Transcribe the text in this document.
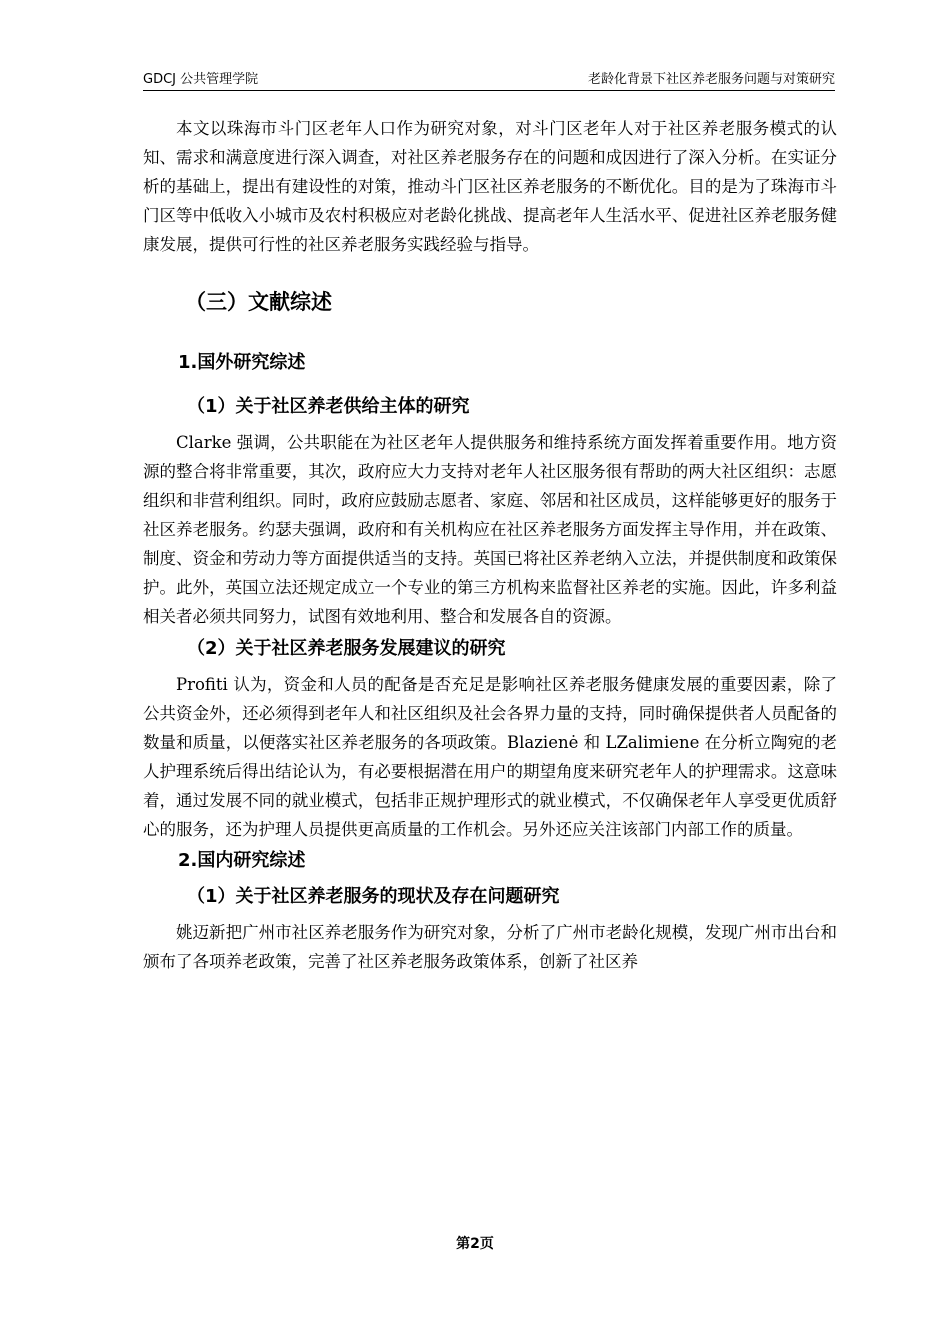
GDCJ 公共管理学院	老龄化背景下社区养老服务问题与对策研究

本文以珠海市斗门区老年人口作为研究对象，对斗门区老年人对于社区养老服务模式的认知、需求和满意度进行深入调查，对社区养老服务存在的问题和成因进行了深入分析。在实证分析的基础上，提出有建设性的对策，推动斗门区社区养老服务的不断优化。目的是为了珠海市斗门区等中低收入小城市及农村积极应对老龄化挑战、提高老年人生活水平、促进社区养老服务健康发展，提供可行性的社区养老服务实践经验与指导。

（三）文献综述
1.国外研究综述
（1）关于社区养老供给主体的研究

Clarke 强调，公共职能在为社区老年人提供服务和维持系统方面发挥着重要作用。地方资源的整合将非常重要，其次，政府应大力支持对老年人社区服务很有帮助的两大社区组织：志愿组织和非营利组织。同时，政府应鼓励志愿者、家庭、邻居和社区成员，这样能够更好的服务于社区养老服务。约瑟夫强调，政府和有关机构应在社区养老服务方面发挥主导作用，并在政策、制度、资金和劳动力等方面提供适当的支持。英国已将社区养老纳入立法，并提供制度和政策保护。此外，英国立法还规定成立一个专业的第三方机构来监督社区养老的实施。因此，许多利益相关者必须共同努力，试图有效地利用、整合和发展各自的资源。

（2）关于社区养老服务发展建议的研究

Profiti 认为，资金和人员的配备是否充足是影响社区养老服务健康发展的重要因素，除了公共资金外，还必须得到老年人和社区组织及社会各界力量的支持，同时确保提供者人员配备的数量和质量，以便落实社区养老服务的各项政策。Blazienė 和 LZalimiene 在分析立陶宛的老人护理系统后得出结论认为，有必要根据潜在用户的期望角度来研究老年人的护理需求。这意味着，通过发展不同的就业模式，包括非正规护理形式的就业模式，不仅确保老年人享受更优质舒心的服务，还为护理人员提供更高质量的工作机会。另外还应关注该部门内部工作的质量。

2.国内研究综述
（1）关于社区养老服务的现状及存在问题研究

姚迈新把广州市社区养老服务作为研究对象，分析了广州市老龄化规模，发现广州市出台和颁布了各项养老政策，完善了社区养老服务政策体系，创新了社区养

第2页
